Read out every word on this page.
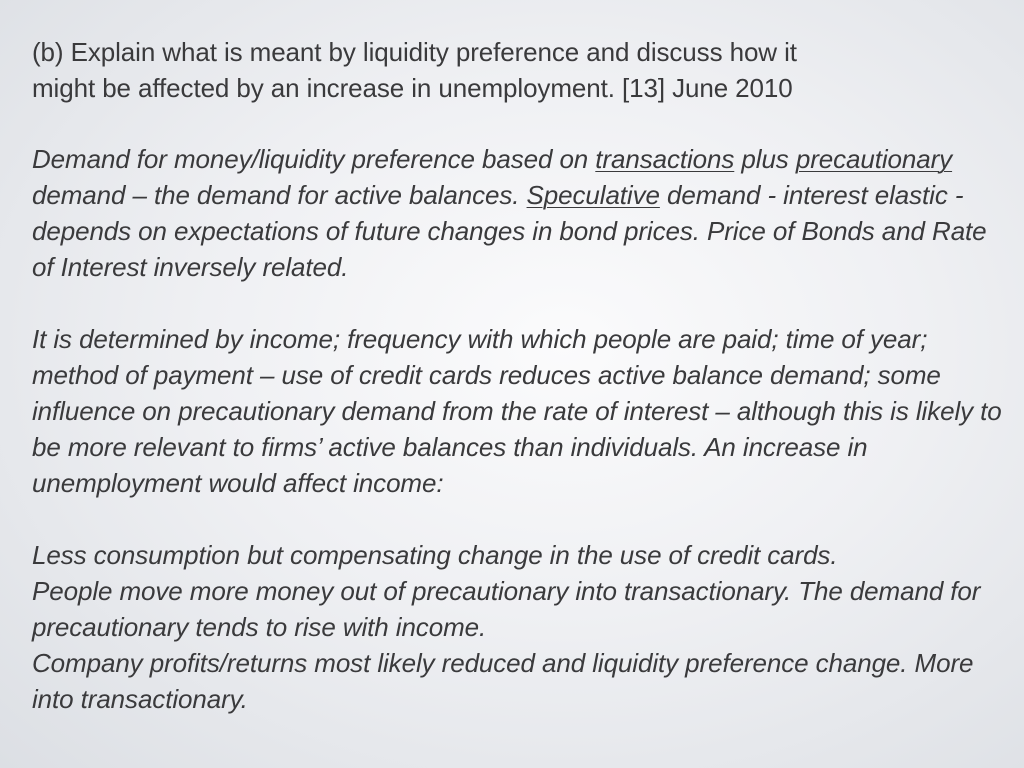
(b) Explain what is meant by liquidity preference and discuss how it
might be affected by an increase in unemployment. [13] June 2010

Demand for money/liquidity preference based on transactions plus precautionary demand – the demand for active balances. Speculative demand - interest elastic - depends on expectations of future changes in bond prices. Price of Bonds and Rate of Interest inversely related.

It is determined by income; frequency with which people are paid; time of year; method of payment – use of credit cards reduces active balance demand; some influence on precautionary demand from the rate of interest – although this is likely to be more relevant to firms’ active balances than individuals. An increase in unemployment would affect income:

Less consumption but compensating change in the use of credit cards.
People move more money out of precautionary into transactionary. The demand for precautionary tends to rise with income.
Company profits/returns most likely reduced and liquidity preference change. More into transactionary.
